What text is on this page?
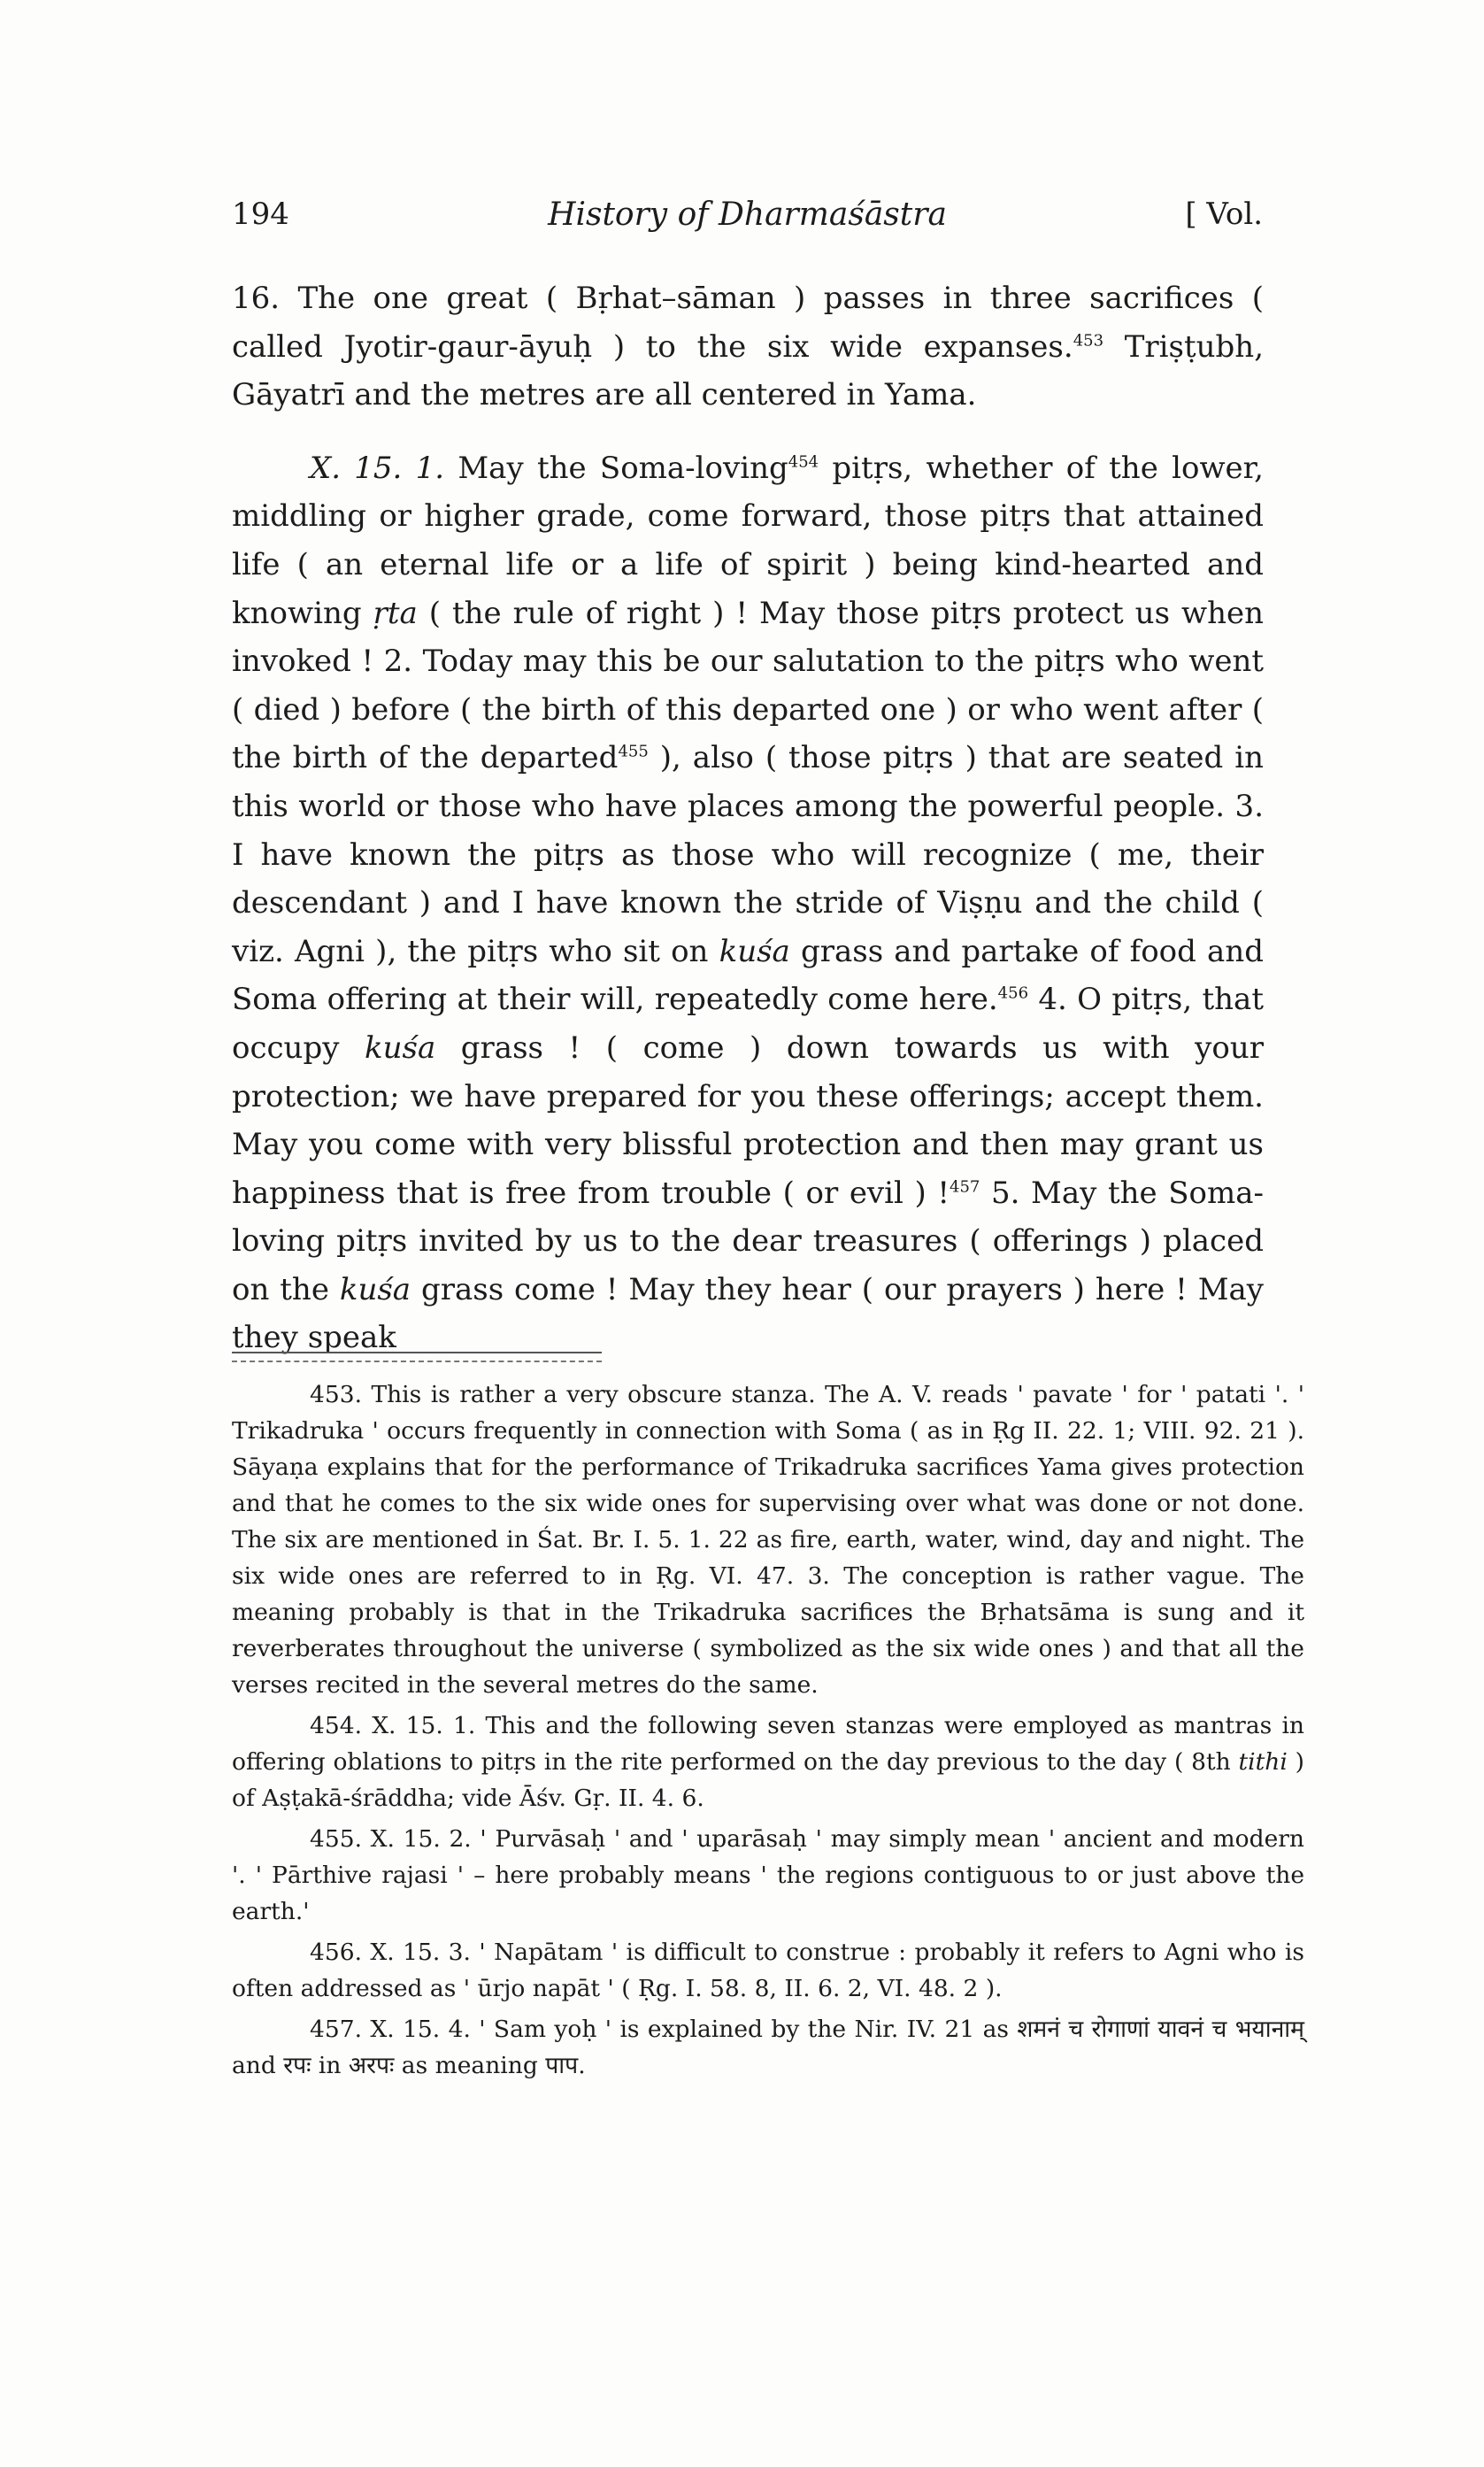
194	History of Dharmaśāstra	[ Vol.

16. The one great ( Bṛhat–sāman ) passes in three sacrifices ( called Jyotir-gaur-āyuḥ ) to the six wide expanses.$^{453}$ Triṣṭubh, Gāyatrī and the metres are all centered in Yama.

X. 15. 1. May the Soma-loving$^{454}$ pitṛs, whether of the lower, middling or higher grade, come forward, those pitṛs that attained life ( an eternal life or a life of spirit ) being kind-hearted and knowing ṛta ( the rule of right ) ! May those pitṛs protect us when invoked ! 2. Today may this be our salutation to the pitṛs who went ( died ) before ( the birth of this departed one ) or who went after ( the birth of the departed$^{455}$ ), also ( those pitṛs ) that are seated in this world or those who have places among the powerful people. 3. I have known the pitṛs as those who will recognize ( me, their descendant ) and I have known the stride of Viṣṇu and the child ( viz. Agni ), the pitṛs who sit on kuśa grass and partake of food and Soma offering at their will, repeatedly come here.$^{456}$ 4. O pitṛs, that occupy kuśa grass ! ( come ) down towards us with your protection; we have prepared for you these offerings; accept them. May you come with very blissful protection and then may grant us happiness that is free from trouble ( or evil ) !$^{457}$ 5. May the Soma-loving pitṛs invited by us to the dear treasures ( offerings ) placed on the kuśa grass come ! May they hear ( our prayers ) here ! May they speak

453. This is rather a very obscure stanza. The A. V. reads ' pavate ' for ' patati '. ' Trikadruka ' occurs frequently in connection with Soma ( as in Ṛg II. 22. 1; VIII. 92. 21 ). Sāyaṇa explains that for the performance of Trikadruka sacrifices Yama gives protection and that he comes to the six wide ones for supervising over what was done or not done. The six are mentioned in Śat. Br. I. 5. 1. 22 as fire, earth, water, wind, day and night. The six wide ones are referred to in Ṛg. VI. 47. 3. The conception is rather vague. The meaning probably is that in the Trikadruka sacrifices the Bṛhatsāma is sung and it reverberates throughout the universe ( symbolized as the six wide ones ) and that all the verses recited in the several metres do the same.

454. X. 15. 1. This and the following seven stanzas were employed as mantras in offering oblations to pitṛs in the rite performed on the day previous to the day ( 8th tithi ) of Aṣṭakā-śrāddha; vide Āśv. Gṛ. II. 4. 6.

455. X. 15. 2. ' Purvāsaḥ ' and ' uparāsaḥ ' may simply mean ' ancient and modern '. ' Pārthive rajasi ' – here probably means ' the regions contiguous to or just above the earth.'

456. X. 15. 3. ' Napātam ' is difficult to construe : probably it refers to Agni who is often addressed as ' ūrjo napāt ' ( Ṛg. I. 58. 8, II. 6. 2, VI. 48. 2 ).

457. X. 15. 4. ' Sam yoḥ ' is explained by the Nir. IV. 21 as शमनं च रोगाणां यावनं च भयानाम् and रपः in अरपः as meaning पाप.
